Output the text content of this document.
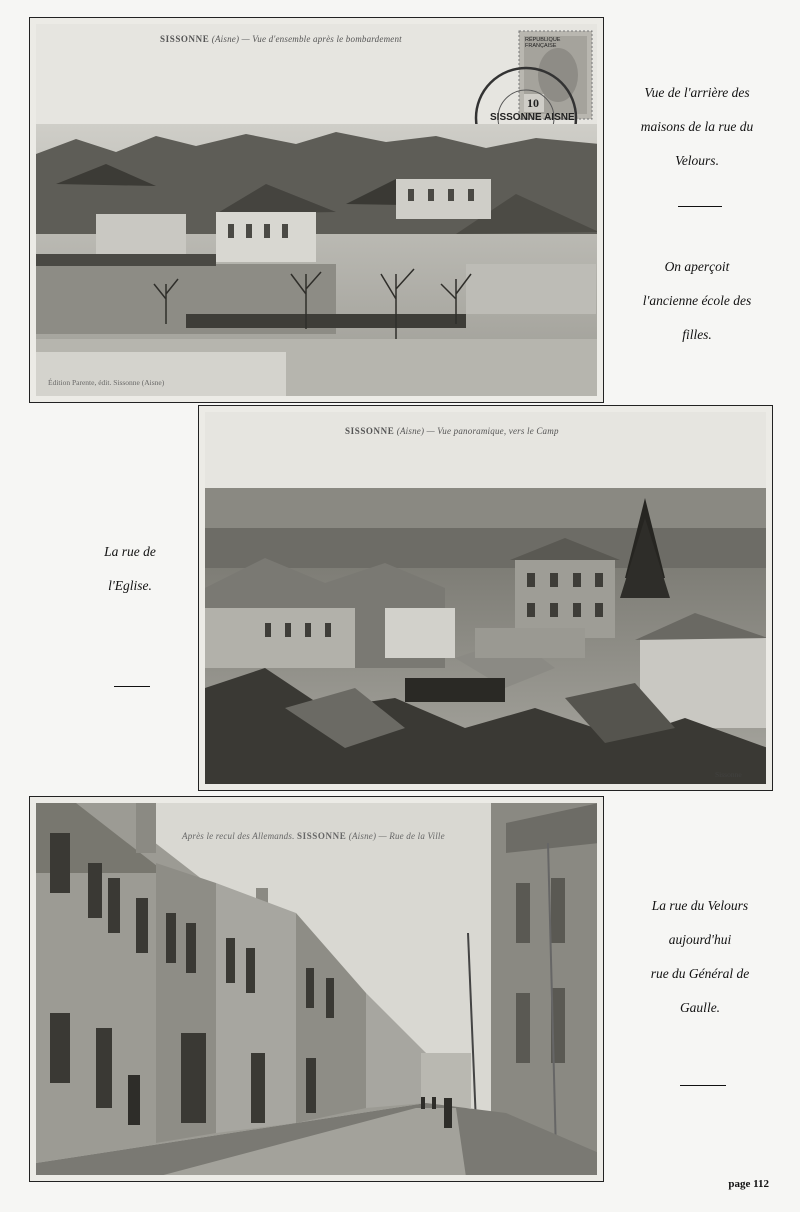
SISSONNE (Aisne) — Vue d'ensemble après le bombardement	RÉPUBLIQUE FRANÇAISE
10
SISSONNE AISNE
Édition Parente, édit. Sissonne (Aisne)
Vue de l'arrière des
maisons de la rue du
Velours.
On aperçoit
l'ancienne école des
filles.
SISSONNE (Aisne) — Vue panoramique, vers le Camp
Sissonne
La rue de
l'Eglise.
Après le recul des Allemands. SISSONNE (Aisne) — Rue de la Ville
La rue du Velours
aujourd'hui
rue du Général de
Gaulle.
page 112
